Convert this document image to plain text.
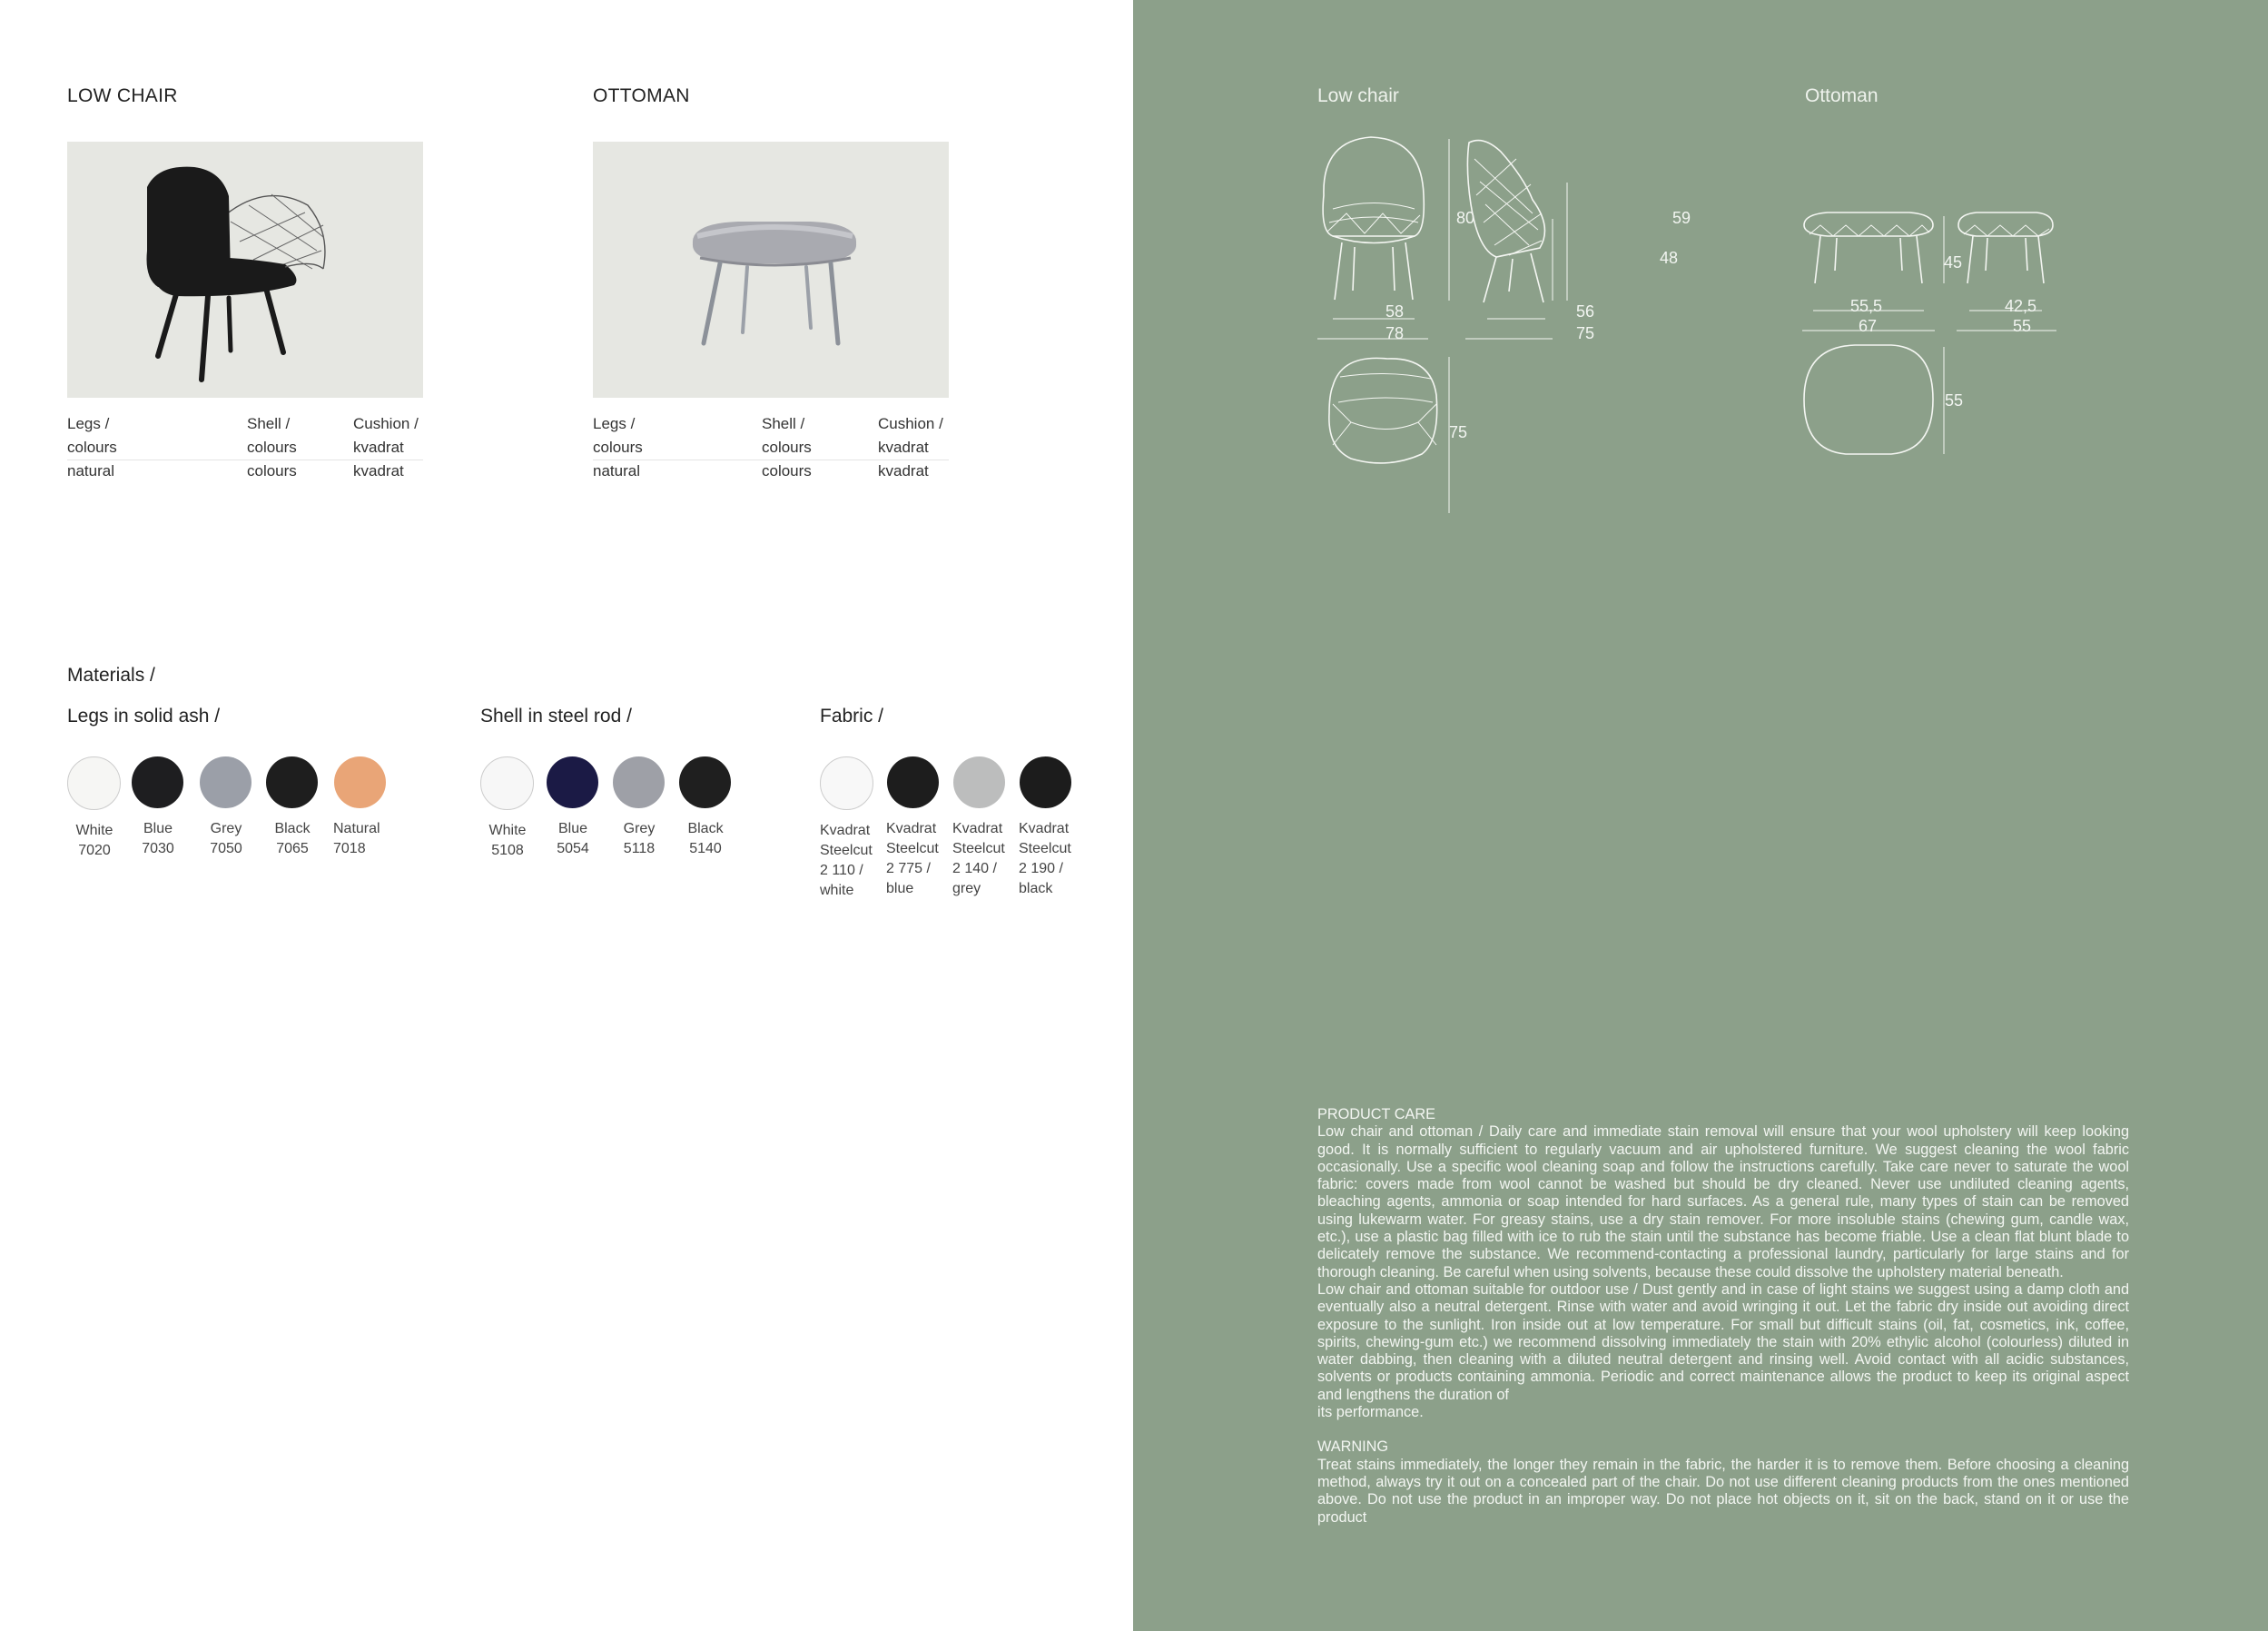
LOW CHAIR
Legs /
colours
natural
Shell /
colours
colours
Cushion /
kvadrat
kvadrat
OTTOMAN
Legs /
colours
natural
Shell /
colours
colours
Cushion /
kvadrat
kvadrat
Materials /
Legs in solid ash /
White
7020
Blue
7030
Grey
7050
Black
7065
Natural
7018
Shell in steel rod /
White
5108
Blue
5054
Grey
5118
Black
5140
Fabric /
Kvadrat
Steelcut
2 110 /
white
Kvadrat
Steelcut
2 775 /
blue
Kvadrat
Steelcut
2 140 /
grey
Kvadrat
Steelcut
2 190 /
black
Low chair	Ottoman
58
78
80
56
75
48
59
75
55,5
67
45
42,5
55
55

PRODUCT CARE

Low chair and ottoman / Daily care and immediate stain removal will ensure that your wool upholstery will keep looking good. It is normally sufficient to regularly vacuum and air upholstered furniture. We suggest cleaning the wool fabric occasionally. Use a specific wool cleaning soap and follow the instructions carefully. Take care never to saturate the wool fabric: covers made from wool cannot be washed but should be dry cleaned. Never use undiluted cleaning agents, bleaching agents, ammonia or soap intended for hard surfaces. As a general rule, many types of stain can be removed using lukewarm water. For greasy stains, use a dry stain remover. For more insoluble stains (chewing gum, candle wax, etc.), use a plastic bag filled with ice to rub the stain until the substance has become friable. Use a clean flat blunt blade to delicately remove the substance. We recommend-contacting a professional laundry, particularly for large stains and for thorough cleaning. Be careful when using solvents, because these could dissolve the upholstery material beneath.

Low chair and ottoman suitable for outdoor use / Dust gently and in case of light stains we suggest using a damp cloth and eventually also a neutral detergent. Rinse with water and avoid wringing it out. Let the fabric dry inside out avoiding direct exposure to the sunlight. Iron inside out at low temperature. For small but difficult stains (oil, fat, cosmetics, ink, coffee, spirits, chewing-gum etc.) we recommend dissolving immediately the stain with 20% ethylic alcohol (colourless) diluted in water dabbing, then cleaning with a diluted neutral detergent and rinsing well. Avoid contact with all acidic substances, solvents or products containing ammonia. Periodic and correct maintenance allows the product to keep its original aspect and lengthens the duration of

its performance.

WARNING

Treat stains immediately, the longer they remain in the fabric, the harder it is to remove them. Before choosing a cleaning method, always try it out on a concealed part of the chair. Do not use different cleaning products from the ones mentioned above. Do not use the product in an improper way. Do not place hot objects on it, sit on the back, stand on it or use the product
